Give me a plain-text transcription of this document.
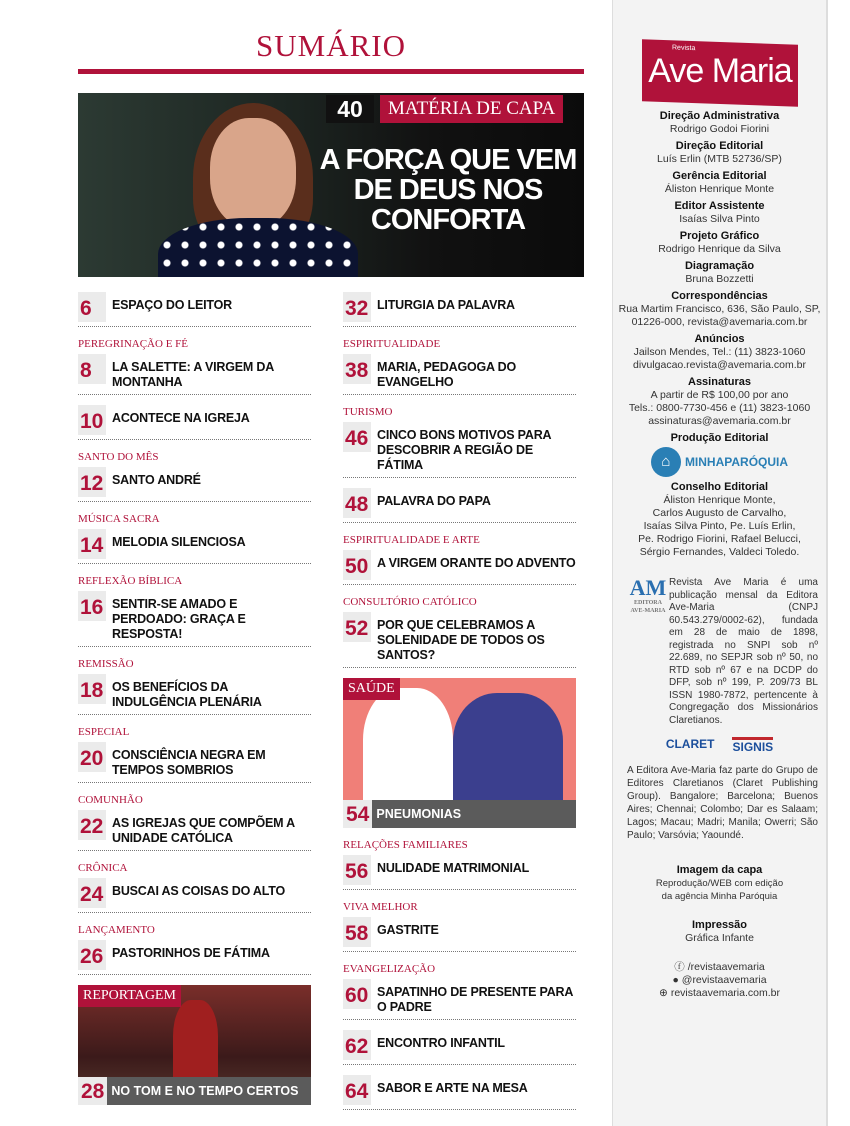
SUMÁRIO
40	MATÉRIA DE CAPA
A FORÇA QUE VEM DE DEUS NOS CONFORTA
6	ESPAÇO DO LEITOR
PEREGRINAÇÃO E FÉ
8	LA SALETTE: A VIRGEM DA MONTANHA
10 ACONTECE NA IGREJA
SANTO DO MÊS
12 SANTO ANDRÉ
MÚSICA SACRA
14 MELODIA SILENCIOSA
REFLEXÃO BÍBLICA
16 SENTIR-SE AMADO E PERDOADO: GRAÇA E RESPOSTA!
REMISSÃO
18 OS BENEFÍCIOS DA INDULGÊNCIA PLENÁRIA
ESPECIAL
20 CONSCIÊNCIA NEGRA EM TEMPOS SOMBRIOS
COMUNHÃO
22 AS IGREJAS QUE COMPÕEM A UNIDADE CATÓLICA
CRÔNICA
24 BUSCAI AS COISAS DO ALTO
LANÇAMENTO
26 PASTORINHOS DE FÁTIMA
REPORTAGEM
28 NO TOM E NO TEMPO CERTOS
32 LITURGIA DA PALAVRA
ESPIRITUALIDADE
38 MARIA, PEDAGOGA DO EVANGELHO
TURISMO
46 CINCO BONS MOTIVOS PARA DESCOBRIR A REGIÃO DE FÁTIMA
48 PALAVRA DO PAPA
ESPIRITUALIDADE E ARTE
50 A VIRGEM ORANTE DO ADVENTO
CONSULTÓRIO CATÓLICO
52 POR QUE CELEBRAMOS A SOLENIDADE DE TODOS OS SANTOS?
SAÚDE
54 PNEUMONIAS
RELAÇÕES FAMILIARES
56 NULIDADE MATRIMONIAL
VIVA MELHOR
58 GASTRITE
EVANGELIZAÇÃO
60 SAPATINHO DE PRESENTE PARA O PADRE
62 ENCONTRO INFANTIL
64 SABOR E ARTE NA MESA
Revista
Ave Maria
Direção Administrativa

Rodrigo Godoi Fiorini

Direção Editorial

Luís Erlin (MTB 52736/SP)

Gerência Editorial

Áliston Henrique Monte

Editor Assistente

Isaías Silva Pinto

Projeto Gráfico

Rodrigo Henrique da Silva

Diagramação

Bruna Bozzetti

Correspondências

Rua Martim Francisco, 636, São Paulo, SP,

01226-000, revista@avemaria.com.br

Anúncios

Jailson Mendes, Tel.: (11) 3823-1060

divulgacao.revista@avemaria.com.br

Assinaturas

A partir de R$ 100,00 por ano

Tels.: 0800-7730-456 e (11) 3823-1060

assinaturas@avemaria.com.br

Produção Editorial
⌂	MINHAPARÓQUIA
Conselho Editorial

Áliston Henrique Monte,

Carlos Augusto de Carvalho,

Isaías Silva Pinto, Pe. Luís Erlin,

Pe. Rodrigo Fiorini, Rafael Belucci,

Sérgio Fernandes, Valdeci Toledo.

AM
EDITORA AVE-MARIA

Revista Ave Maria é uma publicação mensal da Editora Ave-Maria (CNPJ 60.543.279/0002-62), fundada em 28 de maio de 1898, registrada no SNPI sob nº 22.689, no SEPJR sob nº 50, no RTD sob nº 67 e na DCDP do DFP, sob nº 199, P. 209/73 BL ISSN 1980-7872, pertencente à Congregação dos Missionários Claretianos.

CLARET SIGNIS

A Editora Ave-Maria faz parte do Grupo de Editores Claretianos (Claret Publishing Group). Bangalore; Barcelona; Buenos Aires; Chennai; Colombo; Dar es Salaam; Lagos; Macau; Madri; Manila; Owerri; São Paulo; Varsóvia; Yaoundé.

Imagem da capa

Reprodução/WEB com edição

da agência Minha Paróquia

Impressão

Gráfica Infante

ⓕ /revistaavemaria

● @revistaavemaria

⊕ revistaavemaria.com.br
